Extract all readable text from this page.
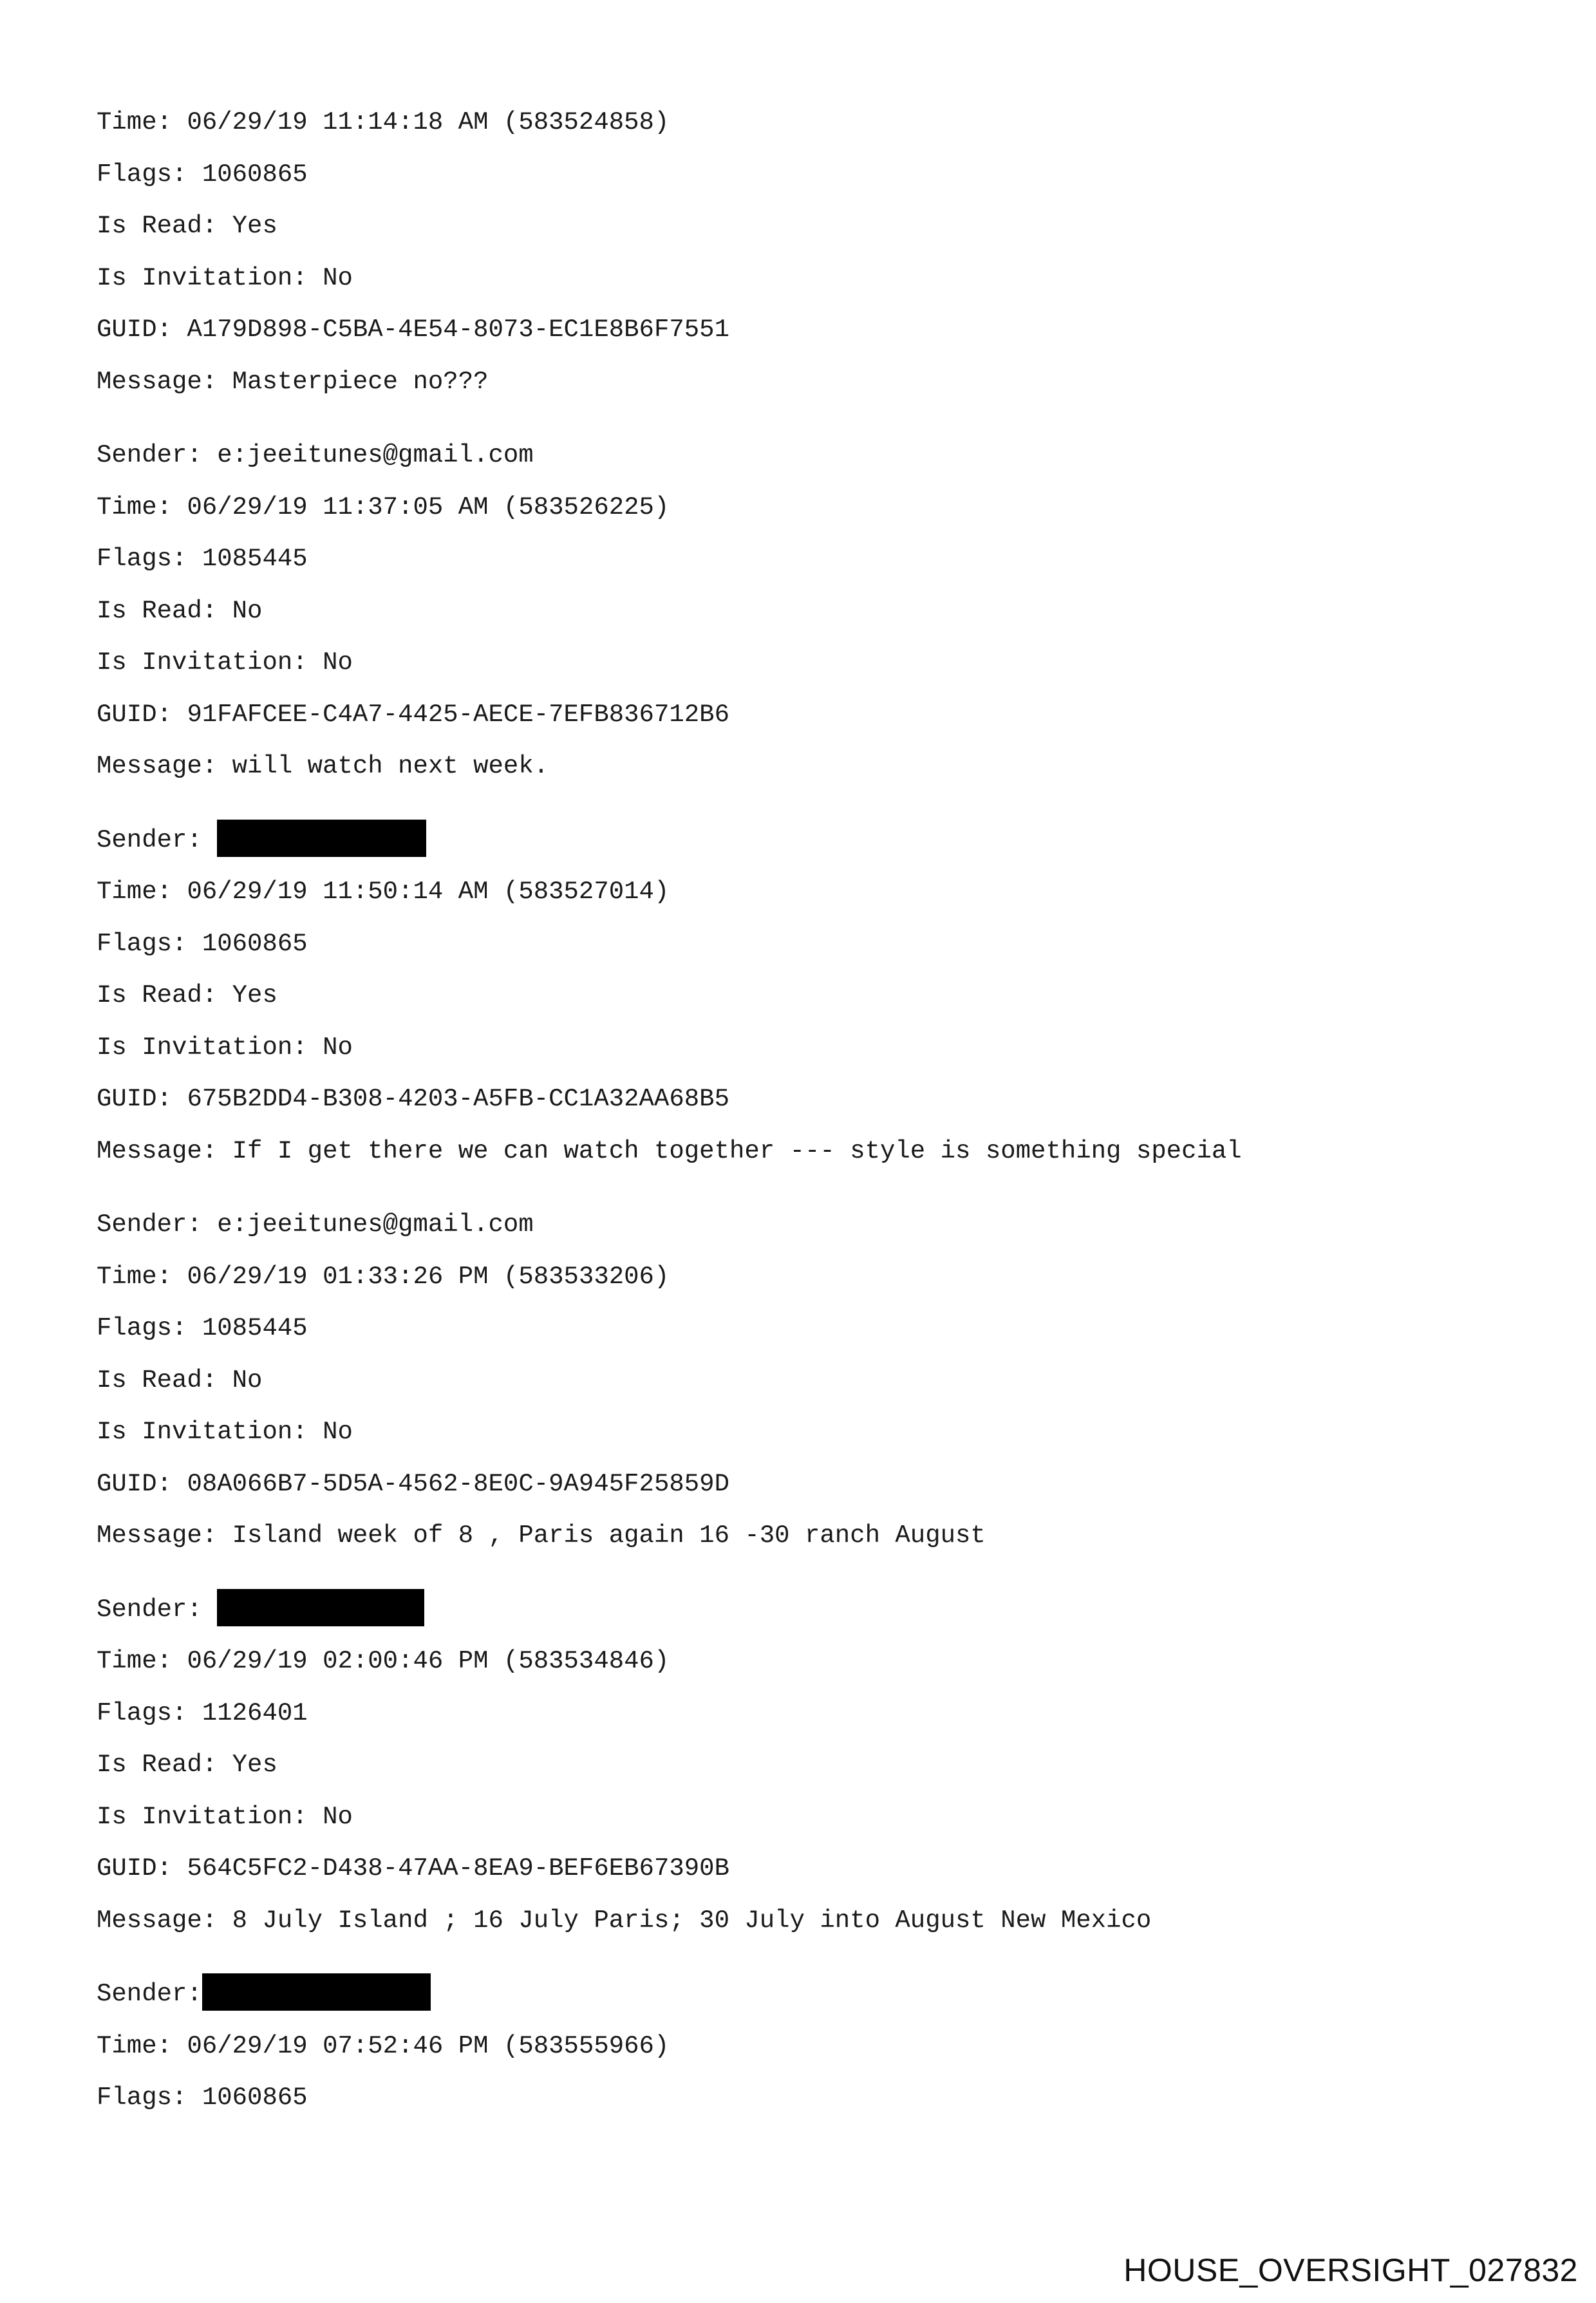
Time: 06/29/19 11:14:18 AM (583524858)
Flags: 1060865
Is Read: Yes
Is Invitation: No
GUID: A179D898-C5BA-4E54-8073-EC1E8B6F7551
Message: Masterpiece no???
Sender: e:jeeitunes@gmail.com
Time: 06/29/19 11:37:05 AM (583526225)
Flags: 1085445
Is Read: No
Is Invitation: No
GUID: 91FAFCEE-C4A7-4425-AECE-7EFB836712B6
Message: will watch next week.
Sender:
Time: 06/29/19 11:50:14 AM (583527014)
Flags: 1060865
Is Read: Yes
Is Invitation: No
GUID: 675B2DD4-B308-4203-A5FB-CC1A32AA68B5
Message: If I get there we can watch together --- style is something special
Sender: e:jeeitunes@gmail.com
Time: 06/29/19 01:33:26 PM (583533206)
Flags: 1085445
Is Read: No
Is Invitation: No
GUID: 08A066B7-5D5A-4562-8E0C-9A945F25859D
Message: Island week of 8 , Paris again 16 -30 ranch August
Sender:
Time: 06/29/19 02:00:46 PM (583534846)
Flags: 1126401
Is Read: Yes
Is Invitation: No
GUID: 564C5FC2-D438-47AA-8EA9-BEF6EB67390B
Message: 8 July Island ; 16 July Paris; 30 July into August New Mexico
Sender:
Time: 06/29/19 07:52:46 PM (583555966)
Flags: 1060865
HOUSE_OVERSIGHT_027832
